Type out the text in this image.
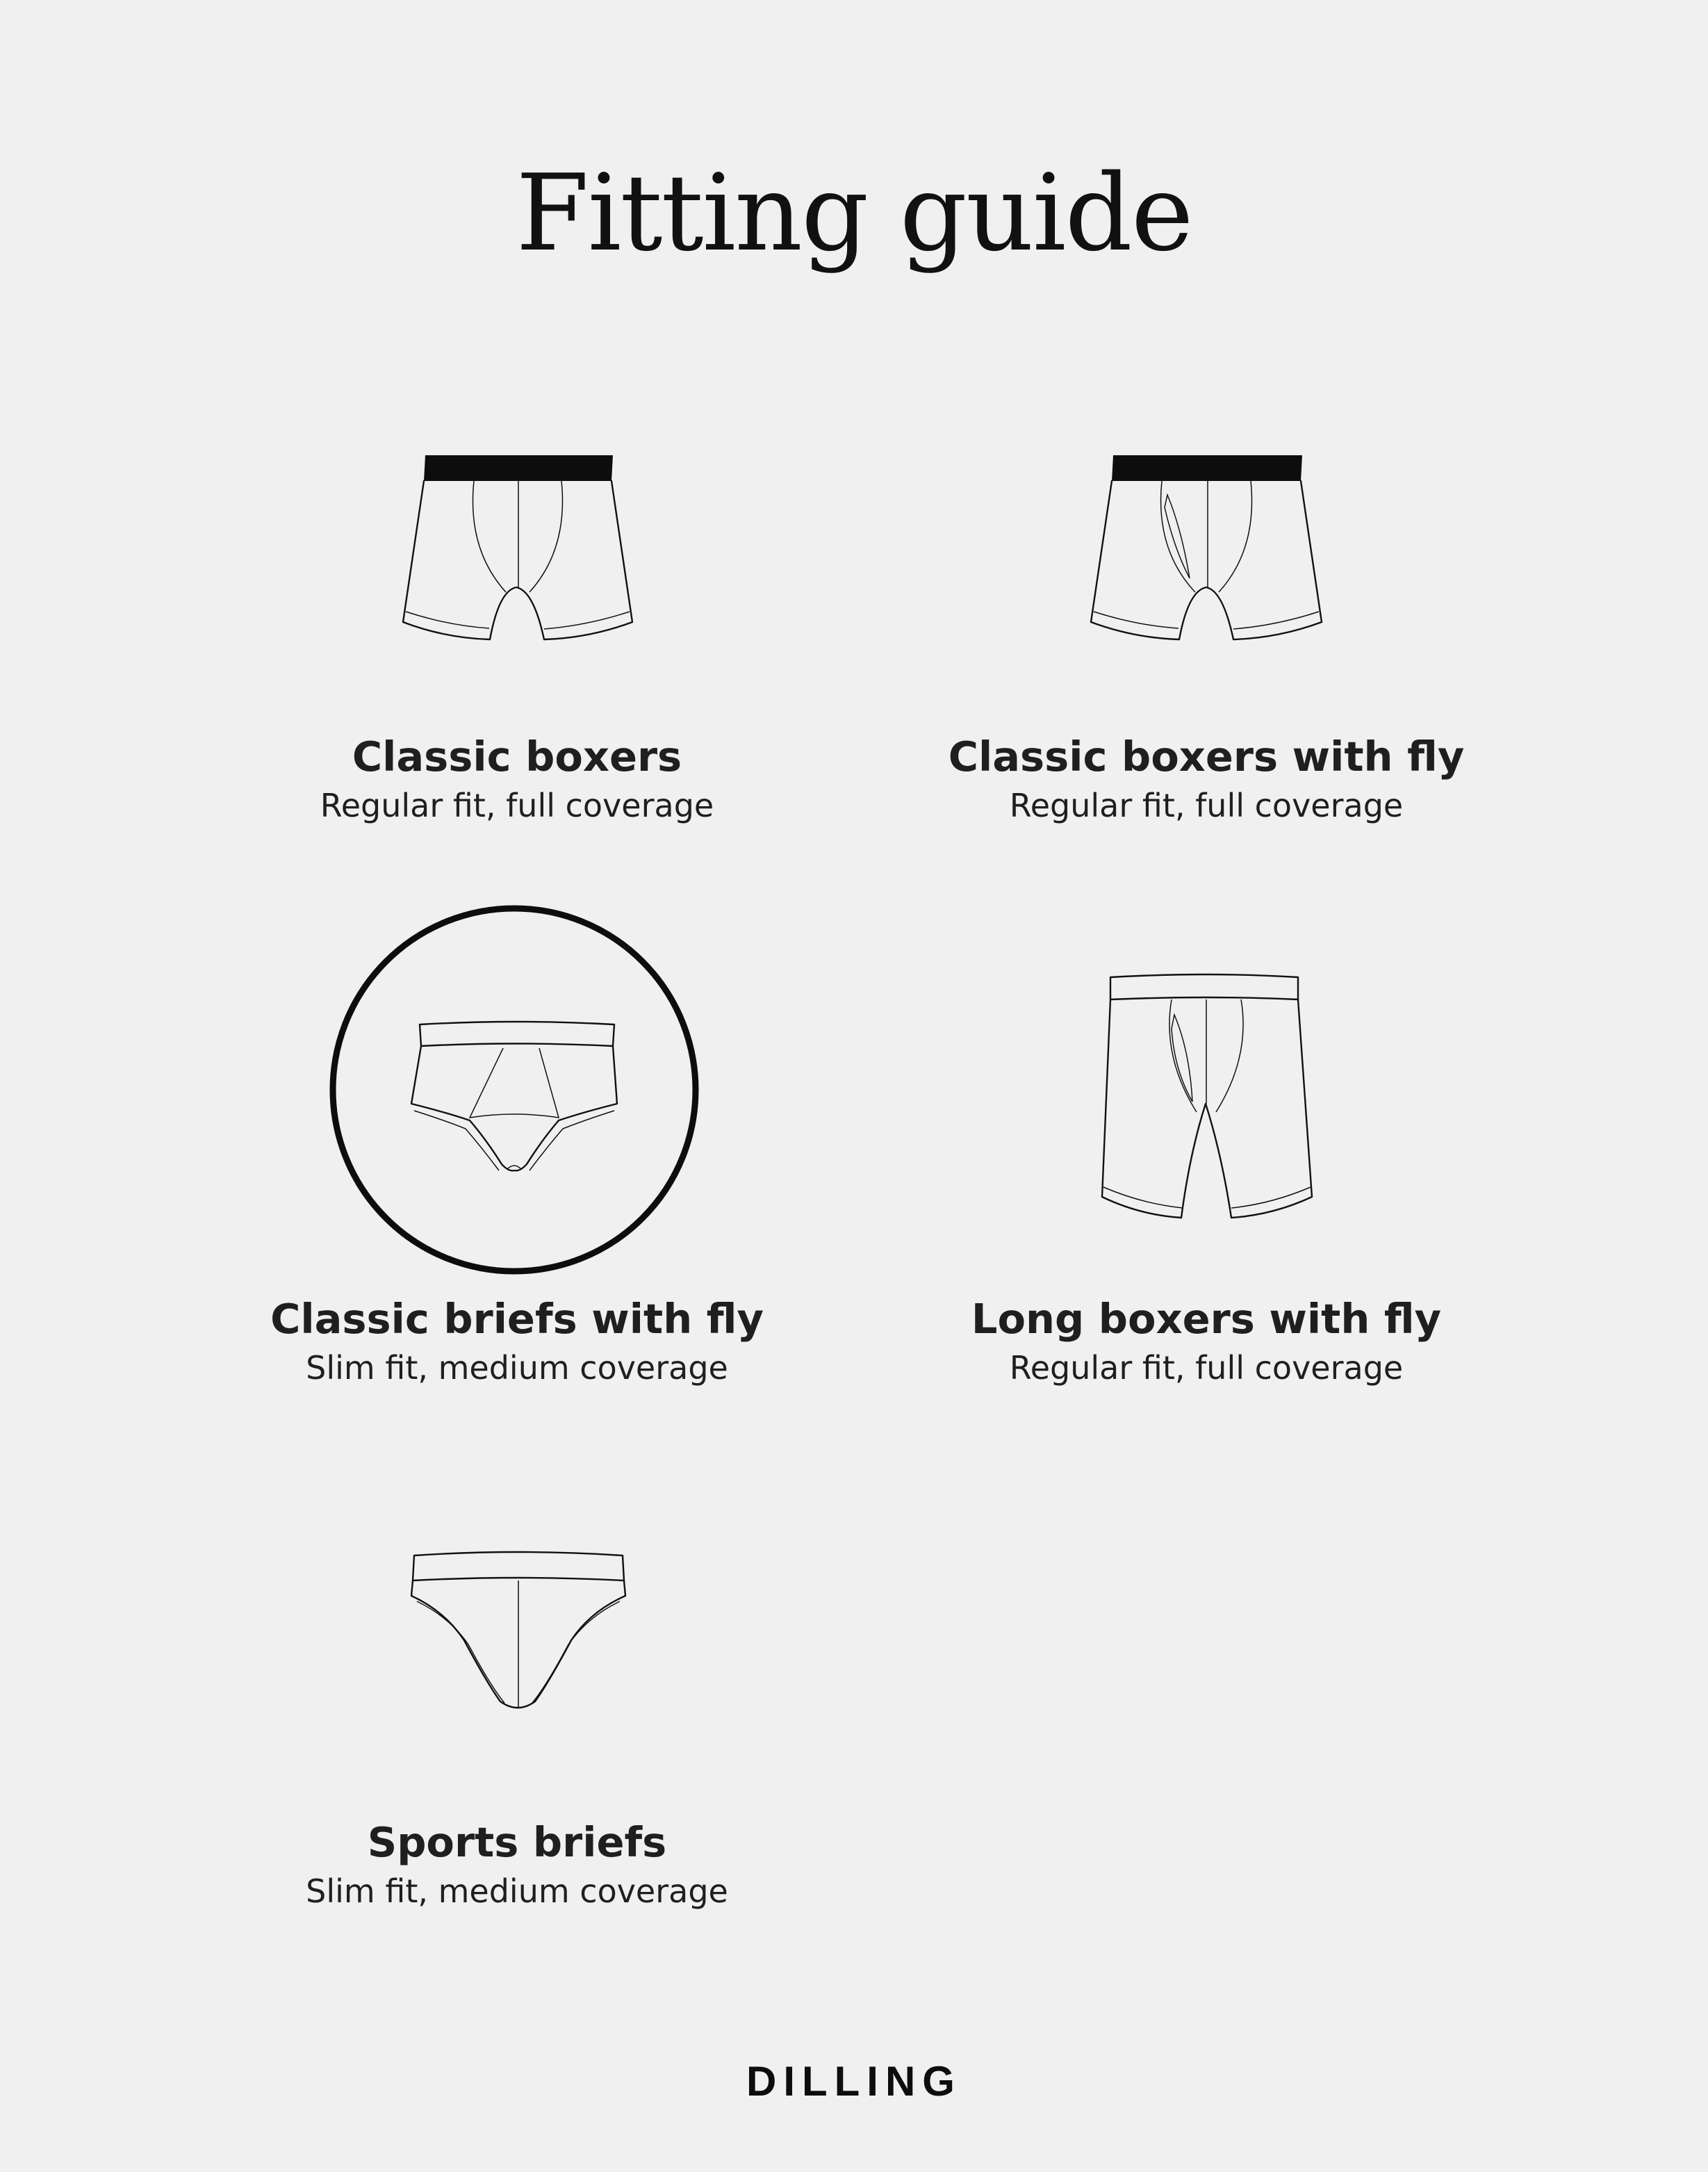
Fitting guide
Classic boxers
Regular fit, full coverage
Classic boxers with fly
Regular fit, full coverage
Classic briefs with fly
Slim fit, medium coverage
Long boxers with fly
Regular fit, full coverage
Sports briefs
Slim fit, medium coverage
DILLING
